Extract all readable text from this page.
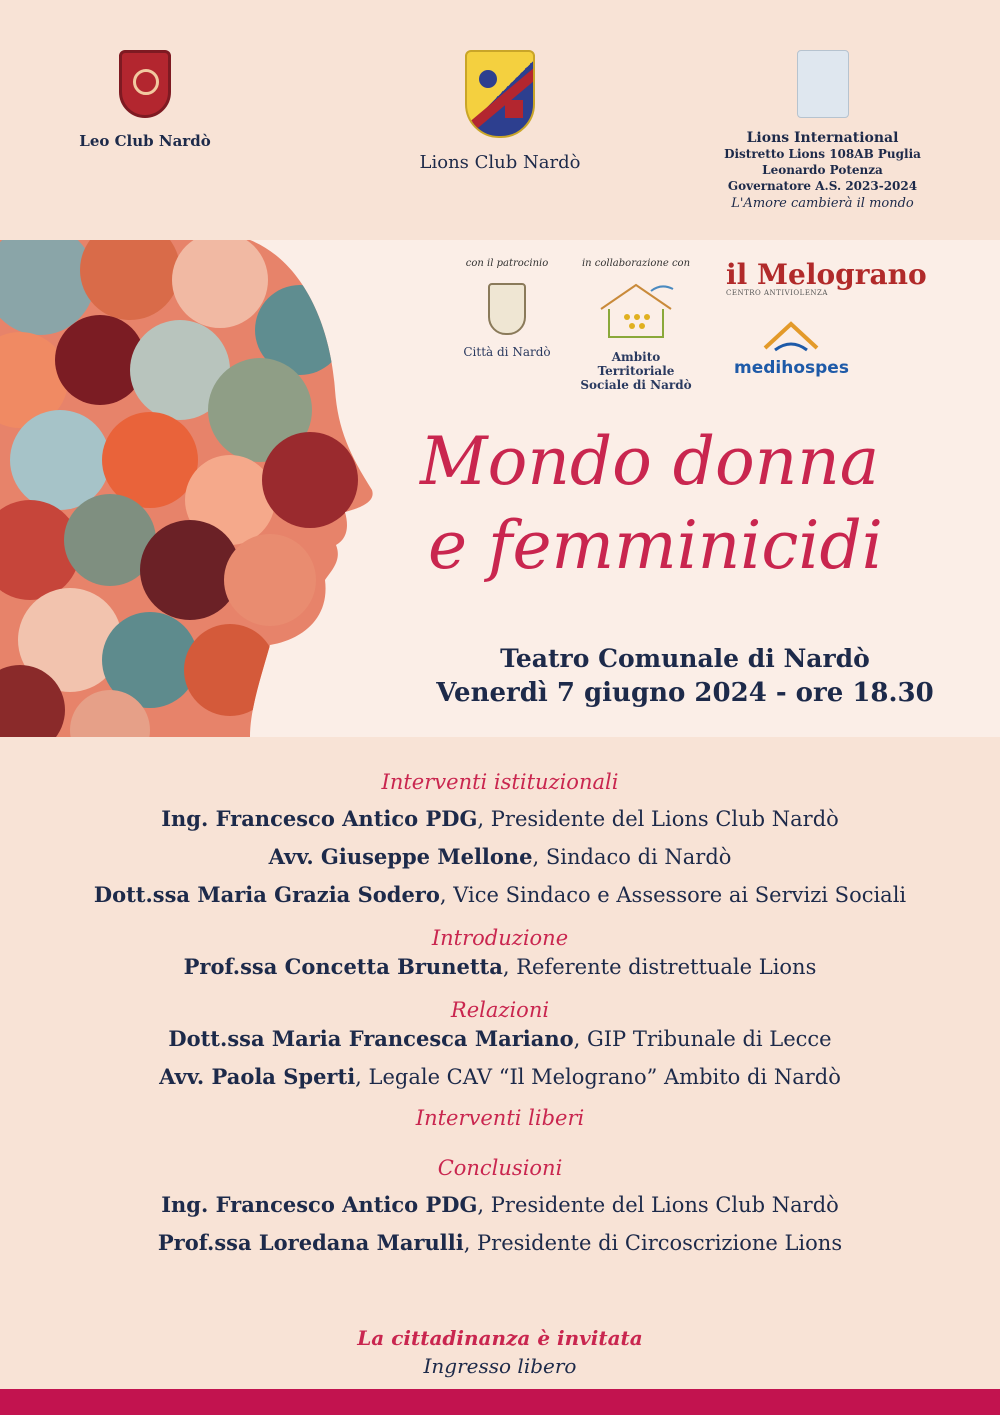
Leo Club Nardò
Lions Club Nardò
Lions International
Distretto Lions 108AB Puglia
Leonardo Potenza
Governatore A.S. 2023-2024
L'Amore cambierà il mondo
con il patrocinio
Città di Nardò
in collaborazione con
Ambito Territoriale
Sociale di Nardò
il Melograno
CENTRO ANTIVIOLENZA
medihospes
Mondo donna
e femminicidi
Teatro Comunale di Nardò
Venerdì 7 giugno 2024 - ore 18.30
Interventi istituzionali
Ing. Francesco Antico PDG, Presidente del Lions Club Nardò
Avv. Giuseppe Mellone, Sindaco di Nardò
Dott.ssa Maria Grazia Sodero, Vice Sindaco e Assessore ai Servizi Sociali
Introduzione
Prof.ssa Concetta Brunetta, Referente distrettuale Lions
Relazioni
Dott.ssa Maria Francesca Mariano, GIP Tribunale di Lecce
Avv. Paola Sperti, Legale CAV “Il Melograno” Ambito di Nardò
Interventi liberi
Conclusioni
Ing. Francesco Antico PDG, Presidente del Lions Club Nardò
Prof.ssa Loredana Marulli, Presidente di Circoscrizione Lions
La cittadinanza è invitata
Ingresso libero
